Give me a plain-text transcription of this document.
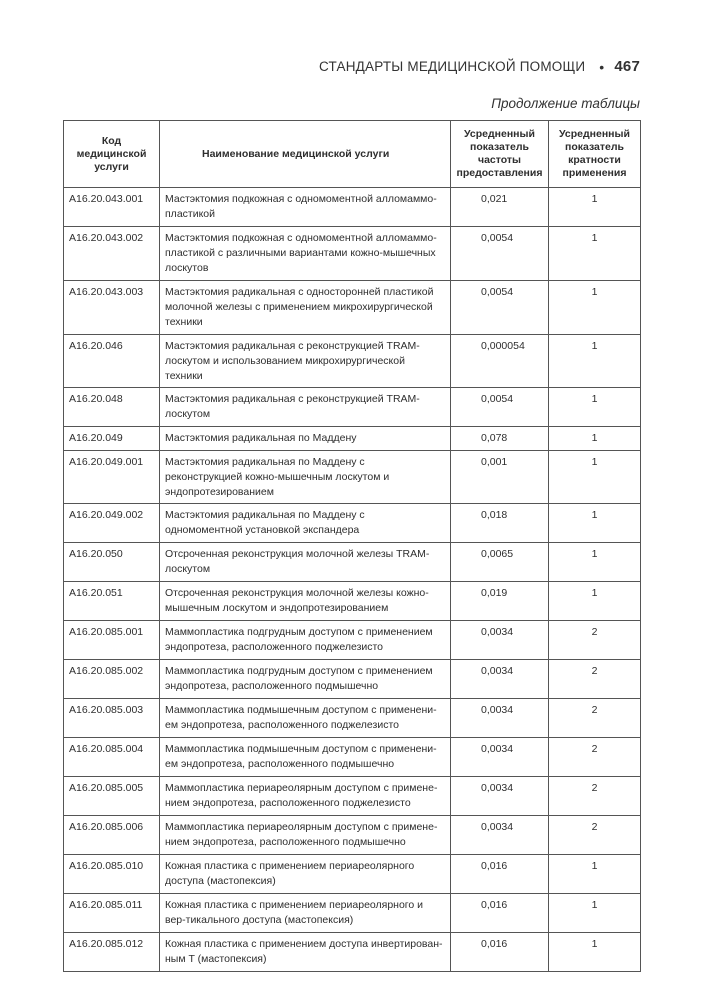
СТАНДАРТЫ МЕДИЦИНСКОЙ ПОМОЩИ • 467
Продолжение таблицы
Код медицинской услуги	Наименование медицинской услуги	Усредненный показатель частоты предоставления	Усредненный показатель кратности применения
A16.20.043.001	Мастэктомия подкожная с одномоментной алломаммо-пластикой	0,021	1
A16.20.043.002	Мастэктомия подкожная с одномоментной алломаммо-пластикой с различными вариантами кожно-мышечных лоскутов	0,0054	1
A16.20.043.003	Мастэктомия радикальная с односторонней пластикой молочной железы с применением микрохирургической техники	0,0054	1
A16.20.046	Мастэктомия радикальная с реконструкцией TRAM-лоскутом и использованием микрохирургической техники	0,000054	1
A16.20.048	Мастэктомия радикальная с реконструкцией TRAM-лоскутом	0,0054	1
A16.20.049	Мастэктомия радикальная по Маддену	0,078	1
A16.20.049.001	Мастэктомия радикальная по Маддену с реконструкцией кожно-мышечным лоскутом и эндопротезированием	0,001	1
A16.20.049.002	Мастэктомия радикальная по Маддену с одномоментной установкой экспандера	0,018	1
A16.20.050	Отсроченная реконструкция молочной железы TRAM-лоскутом	0,0065	1
A16.20.051	Отсроченная реконструкция молочной железы кожно-мышечным лоскутом и эндопротезированием	0,019	1
A16.20.085.001	Маммопластика подгрудным доступом с применением эндопротеза, расположенного поджелезисто	0,0034	2
A16.20.085.002	Маммопластика подгрудным доступом с применением эндопротеза, расположенного подмышечно	0,0034	2
A16.20.085.003	Маммопластика подмышечным доступом с применени-ем эндопротеза, расположенного поджелезисто	0,0034	2
A16.20.085.004	Маммопластика подмышечным доступом с применени-ем эндопротеза, расположенного подмышечно	0,0034	2
A16.20.085.005	Маммопластика периареолярным доступом с примене-нием эндопротеза, расположенного поджелезисто	0,0034	2
A16.20.085.006	Маммопластика периареолярным доступом с примене-нием эндопротеза, расположенного подмышечно	0,0034	2
A16.20.085.010	Кожная пластика с применением периареолярного доступа (мастопексия)	0,016	1
A16.20.085.011	Кожная пластика с применением периареолярного и вер-тикального доступа (мастопексия)	0,016	1
A16.20.085.012	Кожная пластика с применением доступа инвертирован-ным T (мастопексия)	0,016	1
